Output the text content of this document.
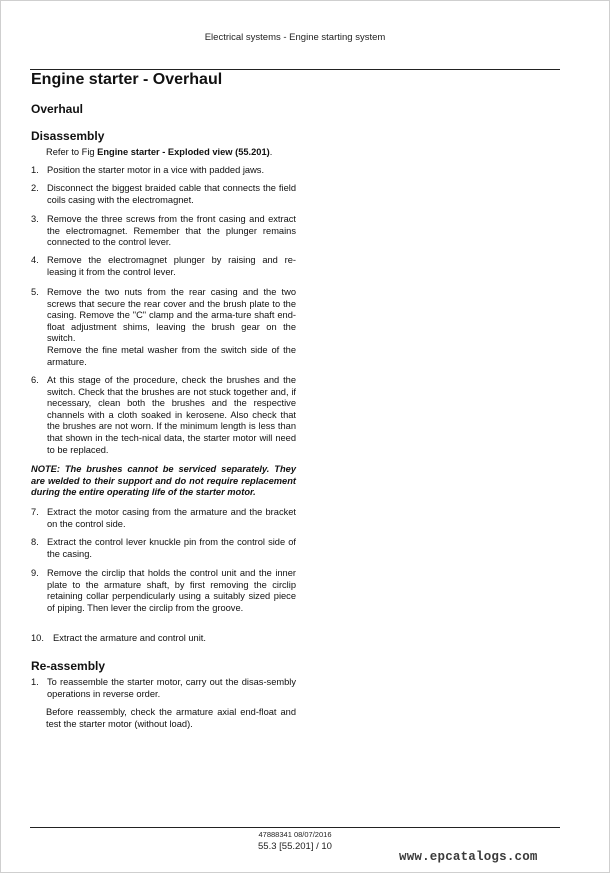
Electrical systems - Engine starting system
Engine starter - Overhaul
Overhaul
Disassembly
Refer to Fig Engine starter - Exploded view (55.201).
1. Position the starter motor in a vice with padded jaws.

2. Disconnect the biggest braided cable that connects the field coils casing with the electromagnet.

3. Remove the three screws from the front casing and extract the electromagnet. Remember that the plunger remains connected to the control lever.

4. Remove the electromagnet plunger by raising and re-leasing it from the control lever.

5. Remove the two nuts from the rear casing and the two screws that secure the rear cover and the brush plate to the casing. Remove the "C" clamp and the arma-ture shaft end-float adjustment shims, leaving the brush gear on the switch.

Remove the fine metal washer from the switch side of the armature.

6. At this stage of the procedure, check the brushes and the switch. Check that the brushes are not stuck together and, if necessary, clean both the brushes and the respective channels with a cloth soaked in kerosene. Also check that the brushes are not worn. If the minimum length is less than that shown in the tech-nical data, the starter motor will need to be replaced.

NOTE: The brushes cannot be serviced separately. They are welded to their support and do not require replacement during the entire operating life of the starter motor.
7. Extract the motor casing from the armature and the bracket on the control side.

8. Extract the control lever knuckle pin from the control side of the casing.

9. Remove the circlip that holds the control unit and the inner plate to the armature shaft, by first removing the circlip retaining collar perpendicularly using a suitably sized piece of piping. Then lever the circlip from the groove.

10. Extract the armature and control unit.

Re-assembly
1. To reassemble the starter motor, carry out the disas-sembly operations in reverse order.

Before reassembly, check the armature axial end-float and test the starter motor (without load).
47888341 08/07/2016
55.3 [55.201] / 10
www.epcatalogs.com
